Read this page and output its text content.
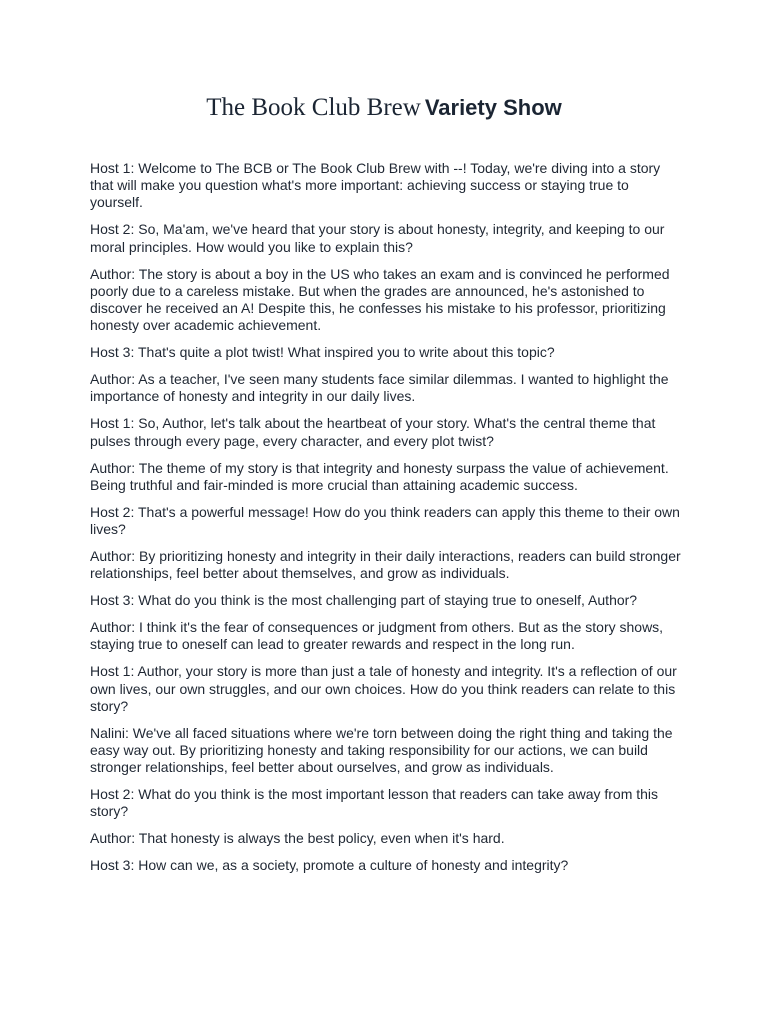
The Book Club Brew Variety Show

Host 1: Welcome to The BCB or The Book Club Brew with --! Today, we're diving into a story that will make you question what's more important: achieving success or staying true to yourself.

Host 2: So, Ma'am, we've heard that your story is about honesty, integrity, and keeping to our moral principles. How would you like to explain this?

Author: The story is about a boy in the US who takes an exam and is convinced he performed poorly due to a careless mistake. But when the grades are announced, he's astonished to discover he received an A! Despite this, he confesses his mistake to his professor, prioritizing honesty over academic achievement.

Host 3: That's quite a plot twist! What inspired you to write about this topic?

Author: As a teacher, I've seen many students face similar dilemmas. I wanted to highlight the importance of honesty and integrity in our daily lives.

Host 1: So, Author, let's talk about the heartbeat of your story. What's the central theme that pulses through every page, every character, and every plot twist?

Author: The theme of my story is that integrity and honesty surpass the value of achievement. Being truthful and fair-minded is more crucial than attaining academic success.

Host 2: That's a powerful message! How do you think readers can apply this theme to their own lives?

Author: By prioritizing honesty and integrity in their daily interactions, readers can build stronger relationships, feel better about themselves, and grow as individuals.

Host 3: What do you think is the most challenging part of staying true to oneself, Author?

Author: I think it's the fear of consequences or judgment from others. But as the story shows, staying true to oneself can lead to greater rewards and respect in the long run.

Host 1: Author, your story is more than just a tale of honesty and integrity. It's a reflection of our own lives, our own struggles, and our own choices. How do you think readers can relate to this story?

Nalini: We've all faced situations where we're torn between doing the right thing and taking the easy way out. By prioritizing honesty and taking responsibility for our actions, we can build stronger relationships, feel better about ourselves, and grow as individuals.

Host 2: What do you think is the most important lesson that readers can take away from this story?

Author: That honesty is always the best policy, even when it's hard.

Host 3: How can we, as a society, promote a culture of honesty and integrity?
